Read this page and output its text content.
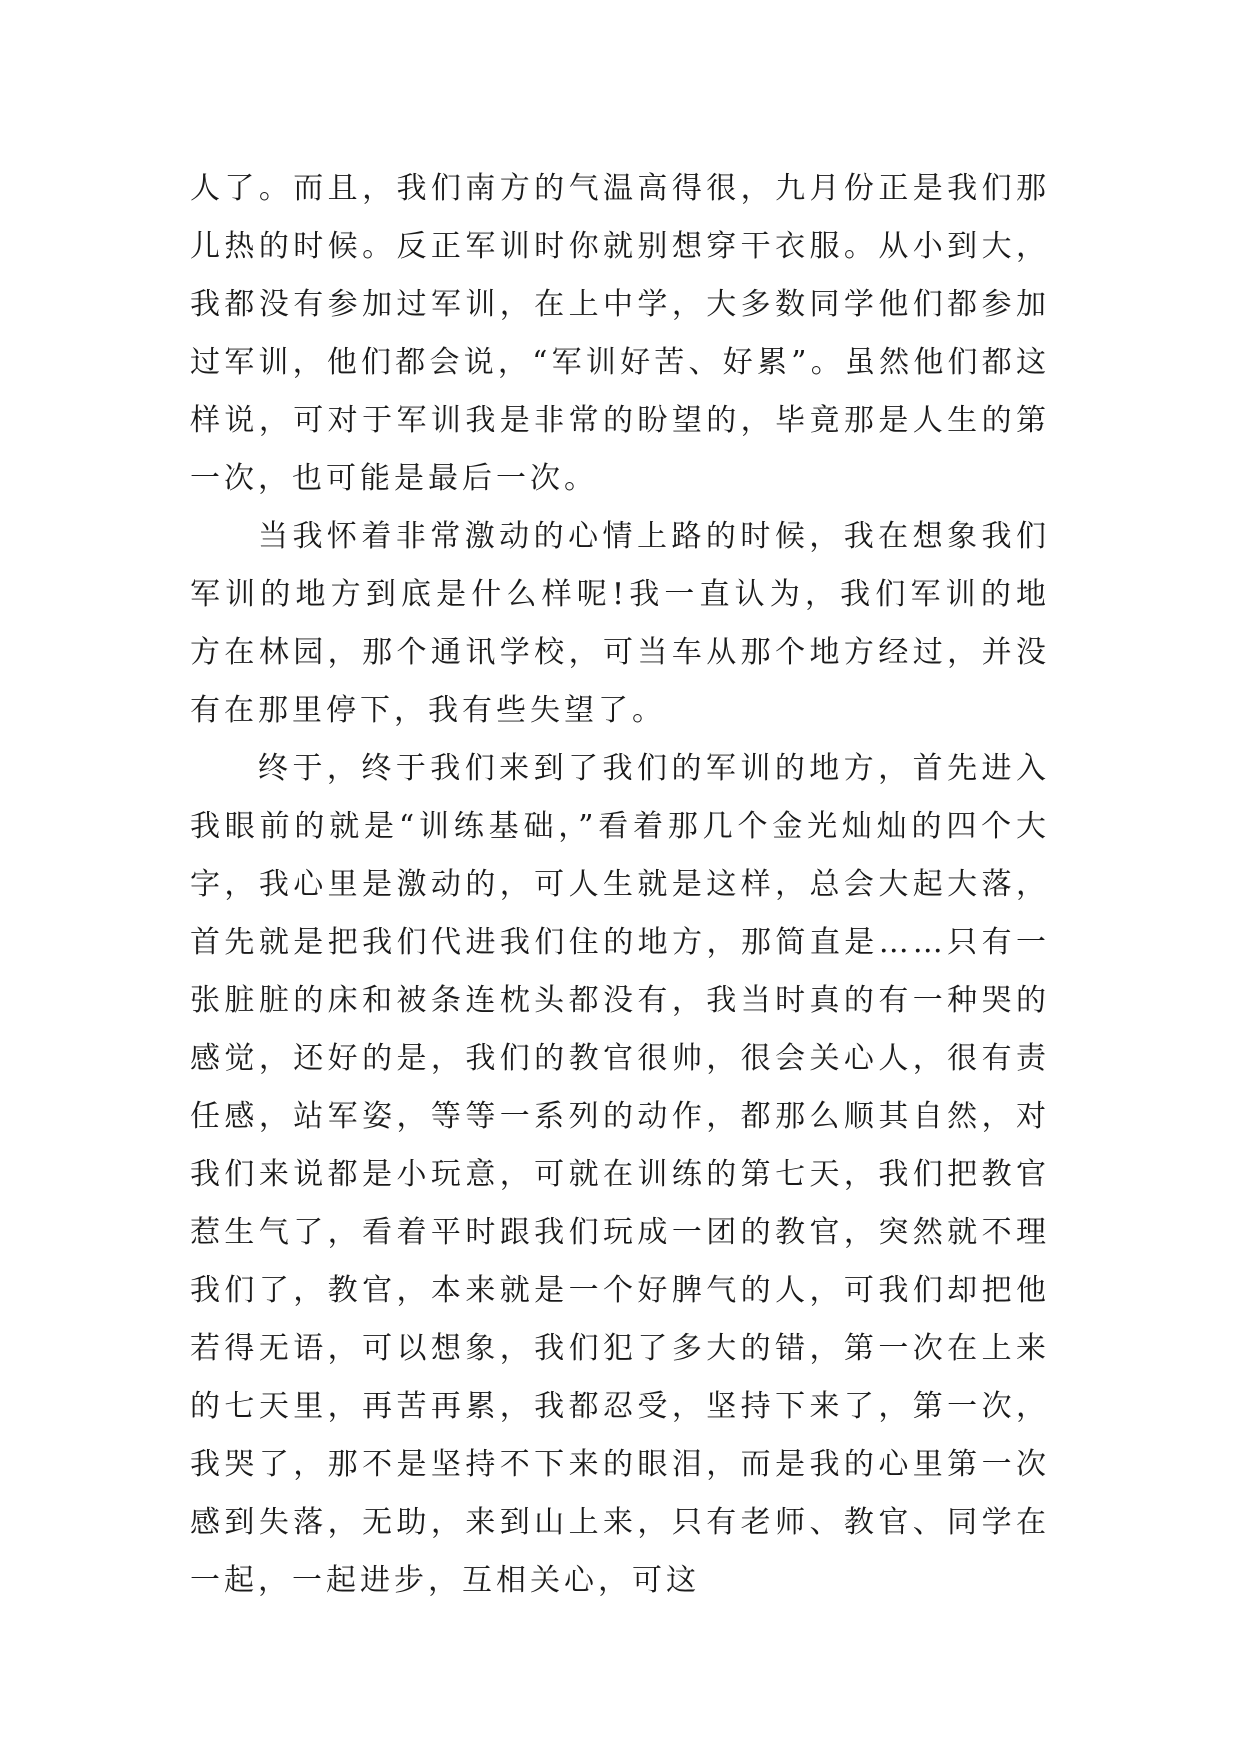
人了。而且，我们南方的气温高得很，九月份正是我们那儿热的时候。反正军训时你就别想穿干衣服。从小到大，我都没有参加过军训，在上中学，大多数同学他们都参加过军训，他们都会说，“军训好苦、好累”。虽然他们都这样说，可对于军训我是非常的盼望的，毕竟那是人生的第一次，也可能是最后一次。

当我怀着非常激动的心情上路的时候，我在想象我们军训的地方到底是什么样呢!我一直认为，我们军训的地方在林园，那个通讯学校，可当车从那个地方经过，并没有在那里停下，我有些失望了。

终于，终于我们来到了我们的军训的地方，首先进入我眼前的就是“训练基础，”看着那几个金光灿灿的四个大字，我心里是激动的，可人生就是这样，总会大起大落，首先就是把我们代进我们住的地方，那简直是……只有一张脏脏的床和被条连枕头都没有，我当时真的有一种哭的感觉，还好的是，我们的教官很帅，很会关心人，很有责任感，站军姿，等等一系列的动作，都那么顺其自然，对我们来说都是小玩意，可就在训练的第七天，我们把教官惹生气了，看着平时跟我们玩成一团的教官，突然就不理我们了，教官，本来就是一个好脾气的人，可我们却把他若得无语，可以想象，我们犯了多大的错，第一次在上来的七天里，再苦再累，我都忍受，坚持下来了，第一次，我哭了，那不是坚持不下来的眼泪，而是我的心里第一次感到失落，无助，来到山上来，只有老师、教官、同学在一起，一起进步，互相关心，可这
